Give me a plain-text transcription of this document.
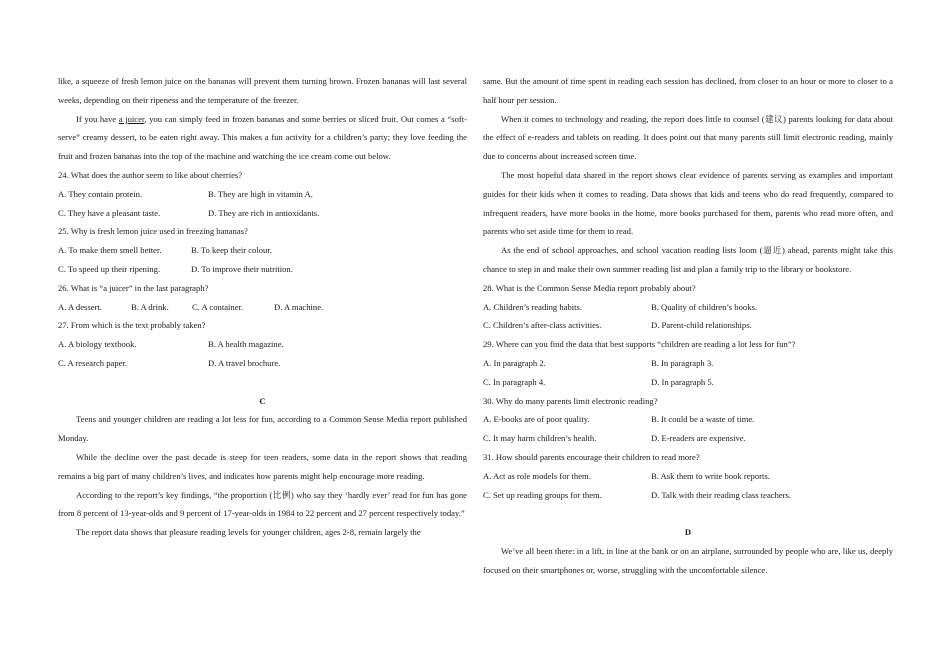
like, a squeeze of fresh lemon juice on the bananas will prevent them turning brown. Frozen bananas will last several weeks, depending on their ripeness and the temperature of the freezer.

If you have a juicer, you can simply feed in frozen bananas and some berries or sliced fruit. Out comes a “soft-serve” creamy dessert, to be eaten right away. This makes a fun activity for a children’s party; they love feeding the fruit and frozen bananas into the top of the machine and watching the ice cream come out below.

24. What does the author seem to like about cherries?

A. They contain protein.	B. They are high in vitamin A.
C. They have a pleasant taste.	D. They are rich in antioxidants.

25. Why is fresh lemon juice used in freezing bananas?

A. To make them smell better.	B. To keep their colour.
C. To speed up their ripening.	D. To improve their nutrition.

26. What is “a juicer” in the last paragraph?

A. A dessert.	B. A drink.	C. A container.	D. A machine.

27. From which is the text probably taken?

A. A biology textbook.	B. A health magazine.
C. A research paper.	D. A travel brochure.

C

Teens and younger children are reading a lot less for fun, according to a Common Sense Media report published Monday.

While the decline over the past decade is steep for teen readers, some data in the report shows that reading remains a big part of many children’s lives, and indicates how parents might help encourage more reading.

According to the report’s key findings, “the proportion (比例) who say they ‘hardly ever’ read for fun has gone from 8 percent of 13-year-olds and 9 percent of 17-year-olds in 1984 to 22 percent and 27 percent respectively today.”

The report data shows that pleasure reading levels for younger children, ages 2-8, remain largely the

same. But the amount of time spent in reading each session has declined, from closer to an hour or more to closer to a half hour per session.

When it comes to technology and reading, the report does little to counsel (建议) parents looking for data about the effect of e-readers and tablets on reading. It does point out that many parents still limit electronic reading, mainly due to concerns about increased screen time.

The most hopeful data shared in the report shows clear evidence of parents serving as examples and important guides for their kids when it comes to reading. Data shows that kids and teens who do read frequently, compared to infrequent readers, have more books in the home, more books purchased for them, parents who read more often, and parents who set aside time for them to read.

As the end of school approaches, and school vacation reading lists loom (逼近) ahead, parents might take this chance to step in and make their own summer reading list and plan a family trip to the library or bookstore.

28. What is the Common Sense Media report probably about?

A. Children’s reading habits.	B. Quality of children’s books.
C. Children’s after-class activities.	D. Parent-child relationships.

29. Where can you find the data that best supports “children are reading a lot less for fun”?

A. In paragraph 2.	B. In paragraph 3.
C. In paragraph 4.	D. In paragraph 5.

30. Why do many parents limit electronic reading?

A. E-books are of poor quality.	B. It could be a waste of time.
C. It may harm children’s health.	D. E-readers are expensive.

31. How should parents encourage their children to read more?

A. Act as role models for them.	B. Ask them to write book reports.
C. Set up reading groups for them.	D. Talk with their reading class teachers.

D

We’ve all been there: in a lift, in line at the bank or on an airplane, surrounded by people who are, like us, deeply focused on their smartphones or, worse, struggling with the uncomfortable silence.
